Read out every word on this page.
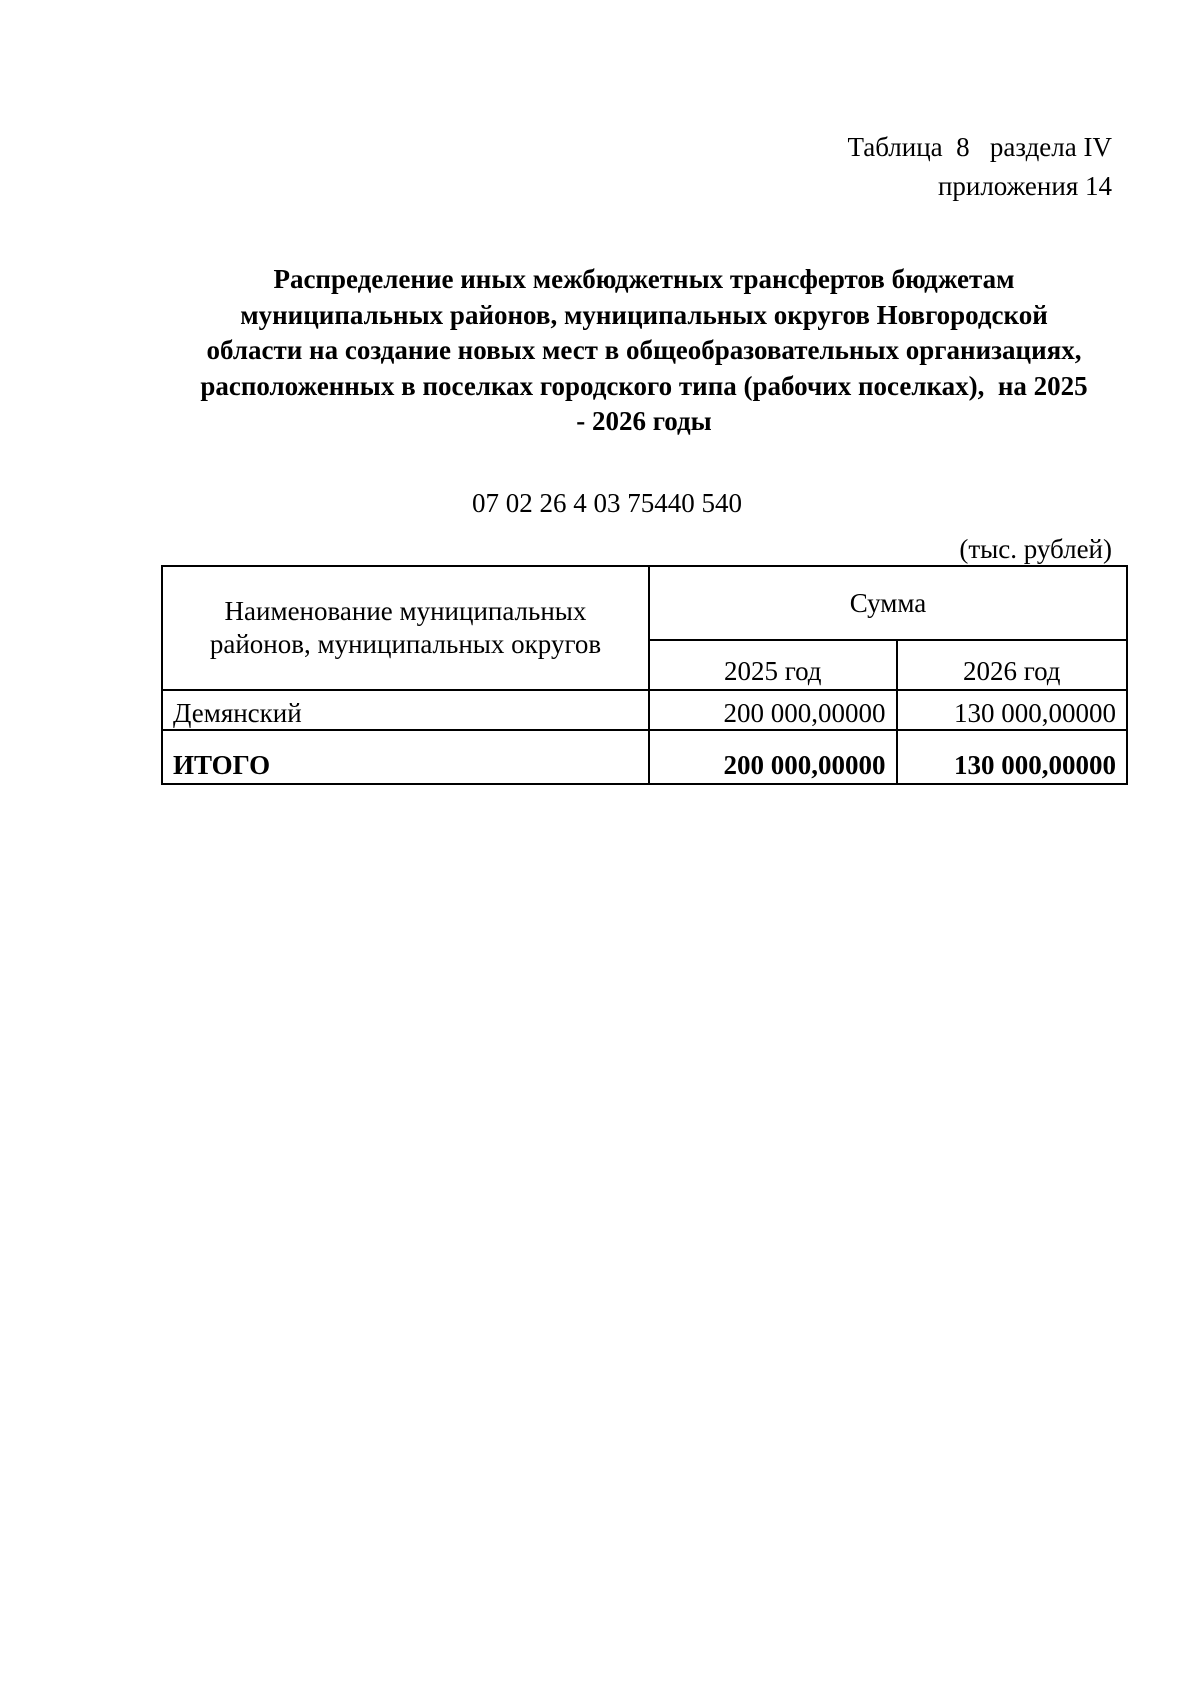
Таблица  8   раздела IV
приложения 14
Распределение иных межбюджетных трансфертов бюджетам
муниципальных районов, муниципальных округов Новгородской
области на создание новых мест в общеобразовательных организациях,
расположенных в поселках городского типа (рабочих поселках),  на 2025
- 2026 годы
07 02 26 4 03 75440 540
(тыс. рублей)
Наименование муниципальных
районов, муниципальных округов	Сумма	
	2025 год	2026 год
Демянский	200 000,00000	130 000,00000
ИТОГО	200 000,00000	130 000,00000
